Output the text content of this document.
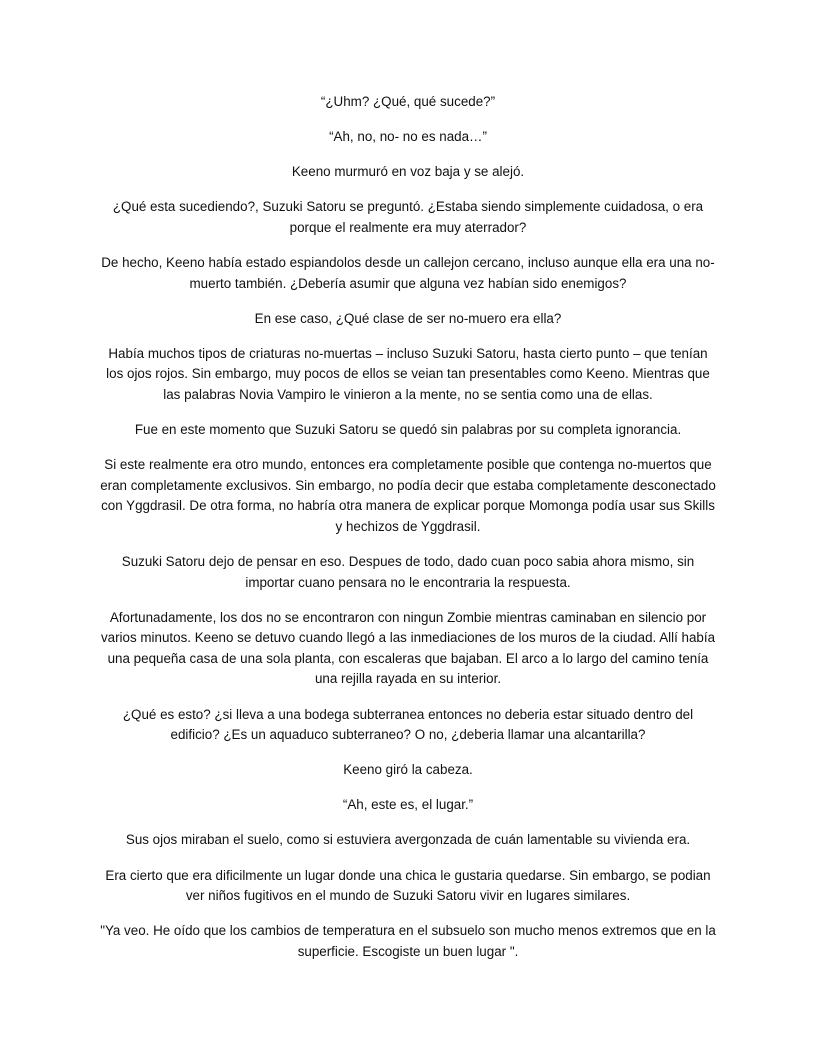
“¿Uhm? ¿Qué, qué sucede?”

“Ah, no, no- no es nada…”

Keeno murmuró en voz baja y se alejó.

¿Qué esta sucediendo?, Suzuki Satoru se preguntó. ¿Estaba siendo simplemente cuidadosa, o era porque el realmente era muy aterrador?

De hecho, Keeno había estado espiandolos desde un callejon cercano, incluso aunque ella era una no-muerto también. ¿Debería asumir que alguna vez habían sido enemigos?

En ese caso, ¿Qué clase de ser no-muero era ella?

Había muchos tipos de criaturas no-muertas – incluso Suzuki Satoru, hasta cierto punto – que tenían los ojos rojos. Sin embargo, muy pocos de ellos se veian tan presentables como Keeno. Mientras que las palabras Novia Vampiro le vinieron a la mente, no se sentia como una de ellas.

Fue en este momento que Suzuki Satoru se quedó sin palabras por su completa ignorancia.

Si este realmente era otro mundo, entonces era completamente posible que contenga no-muertos que eran completamente exclusivos. Sin embargo, no podía decir que estaba completamente desconectado con Yggdrasil. De otra forma, no habría otra manera de explicar porque Momonga podía usar sus Skills y hechizos de Yggdrasil.

Suzuki Satoru dejo de pensar en eso. Despues de todo, dado cuan poco sabia ahora mismo, sin importar cuano pensara no le encontraria la respuesta.

Afortunadamente, los dos no se encontraron con ningun Zombie mientras caminaban en silencio por varios minutos. Keeno se detuvo cuando llegó a las inmediaciones de los muros de la ciudad. Allí había una pequeña casa de una sola planta, con escaleras que bajaban. El arco a lo largo del camino tenía una rejilla rayada en su interior.

¿Qué es esto? ¿si lleva a una bodega subterranea entonces no deberia estar situado dentro del edificio? ¿Es un aquaduco subterraneo? O no, ¿deberia llamar una alcantarilla?

Keeno giró la cabeza.

“Ah, este es, el lugar.”

Sus ojos miraban el suelo, como si estuviera avergonzada de cuán lamentable su vivienda era.

Era cierto que era dificilmente un lugar donde una chica le gustaria quedarse. Sin embargo, se podian ver niños fugitivos en el mundo de Suzuki Satoru vivir en lugares similares.

"Ya veo. He oído que los cambios de temperatura en el subsuelo son mucho menos extremos que en la superficie. Escogiste un buen lugar ".
